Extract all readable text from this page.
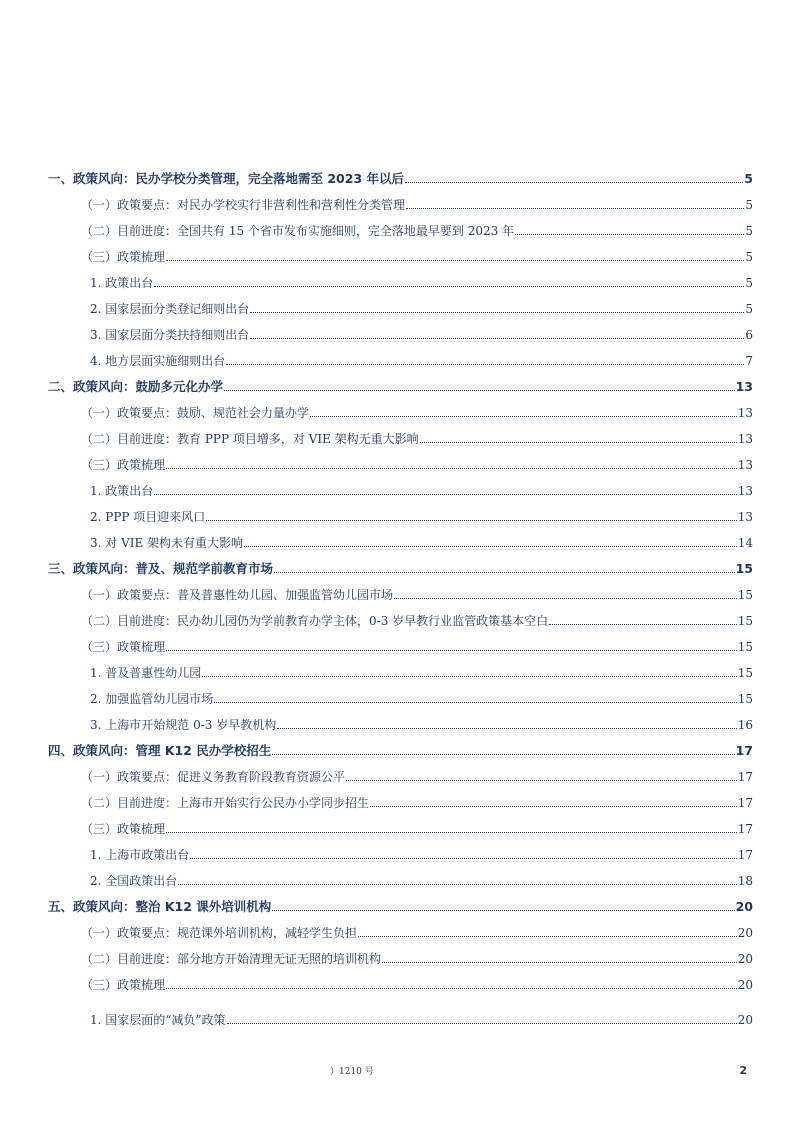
一、政策风向：民办学校分类管理，完全落地需至 2023 年以后	5
（一）政策要点：对民办学校实行非营利性和营利性分类管理	5
（二）目前进度：全国共有 15 个省市发布实施细则，完全落地最早要到 2023 年	5
（三）政策梳理	5
1. 政策出台	5
2. 国家层面分类登记细则出台	5
3. 国家层面分类扶持细则出台	6
4. 地方层面实施细则出台	7
二、政策风向：鼓励多元化办学	13
（一）政策要点：鼓励、规范社会力量办学	13
（二）目前进度：教育 PPP 项目增多，对 VIE 架构无重大影响	13
（三）政策梳理	13
1. 政策出台	13
2. PPP 项目迎来风口	13
3. 对 VIE 架构未有重大影响	14
三、政策风向：普及、规范学前教育市场	15
（一）政策要点：普及普惠性幼儿园、加强监管幼儿园市场	15
（二）目前进度：民办幼儿园仍为学前教育办学主体，0-3 岁早教行业监管政策基本空白	15
（三）政策梳理	15
1. 普及普惠性幼儿园	15
2. 加强监管幼儿园市场	15
3. 上海市开始规范 0-3 岁早教机构	16
四、政策风向：管理 K12 民办学校招生	17
（一）政策要点：促进义务教育阶段教育资源公平	17
（二）目前进度：上海市开始实行公民办小学同步招生	17
（三）政策梳理	17
1. 上海市政策出台	17
2. 全国政策出台	18
五、政策风向：整治 K12 课外培训机构	20
（一）政策要点：规范课外培训机构，减轻学生负担	20
（二）目前进度：部分地方开始清理无证无照的培训机构	20
（三）政策梳理	20
1. 国家层面的“减负”政策	20
）1210 号	2
